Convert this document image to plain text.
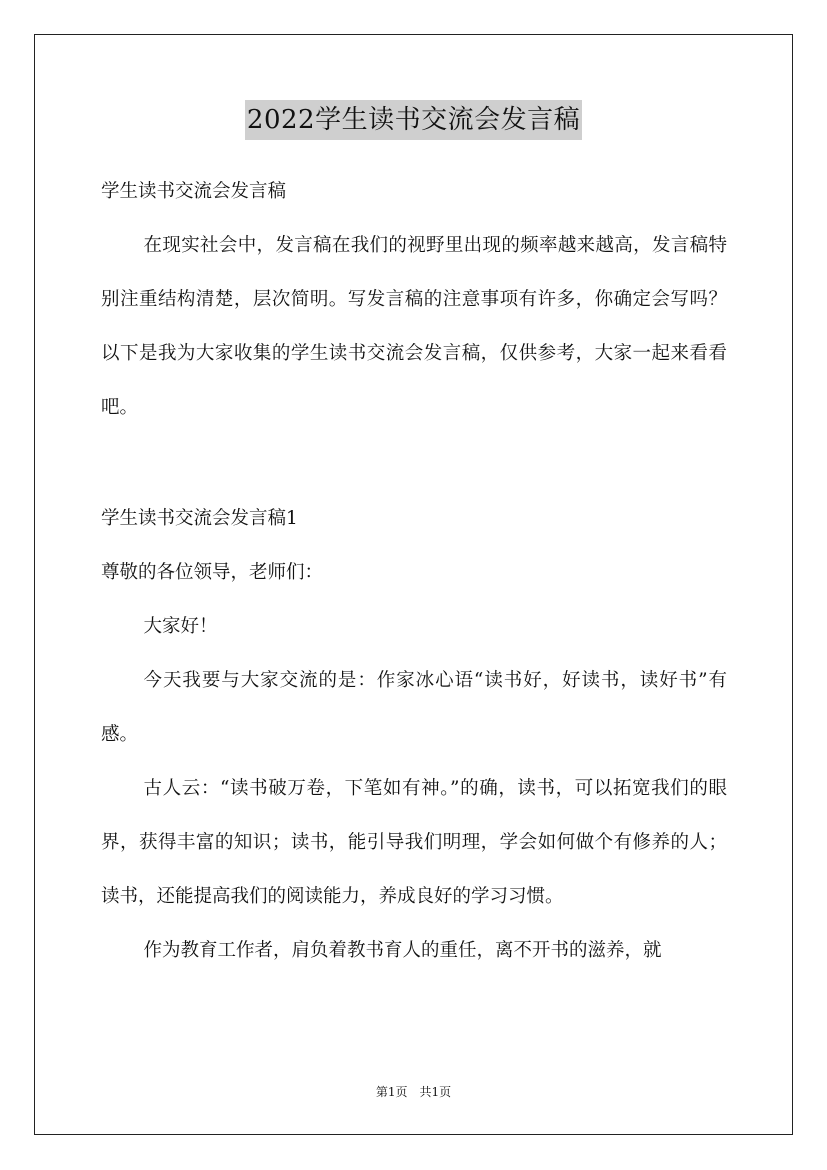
2022学生读书交流会发言稿

学生读书交流会发言稿

在现实社会中，发言稿在我们的视野里出现的频率越来越高，发言稿特别注重结构清楚，层次简明。写发言稿的注意事项有许多，你确定会写吗？以下是我为大家收集的学生读书交流会发言稿，仅供参考，大家一起来看看吧。

学生读书交流会发言稿1

尊敬的各位领导，老师们：

大家好！

今天我要与大家交流的是：作家冰心语“读书好，好读书，读好书”有感。

古人云：“读书破万卷，下笔如有神。”的确，读书，可以拓宽我们的眼界，获得丰富的知识；读书，能引导我们明理，学会如何做个有修养的人；读书，还能提高我们的阅读能力，养成良好的学习习惯。

作为教育工作者，肩负着教书育人的重任，离不开书的滋养，就

第1页　共1页
